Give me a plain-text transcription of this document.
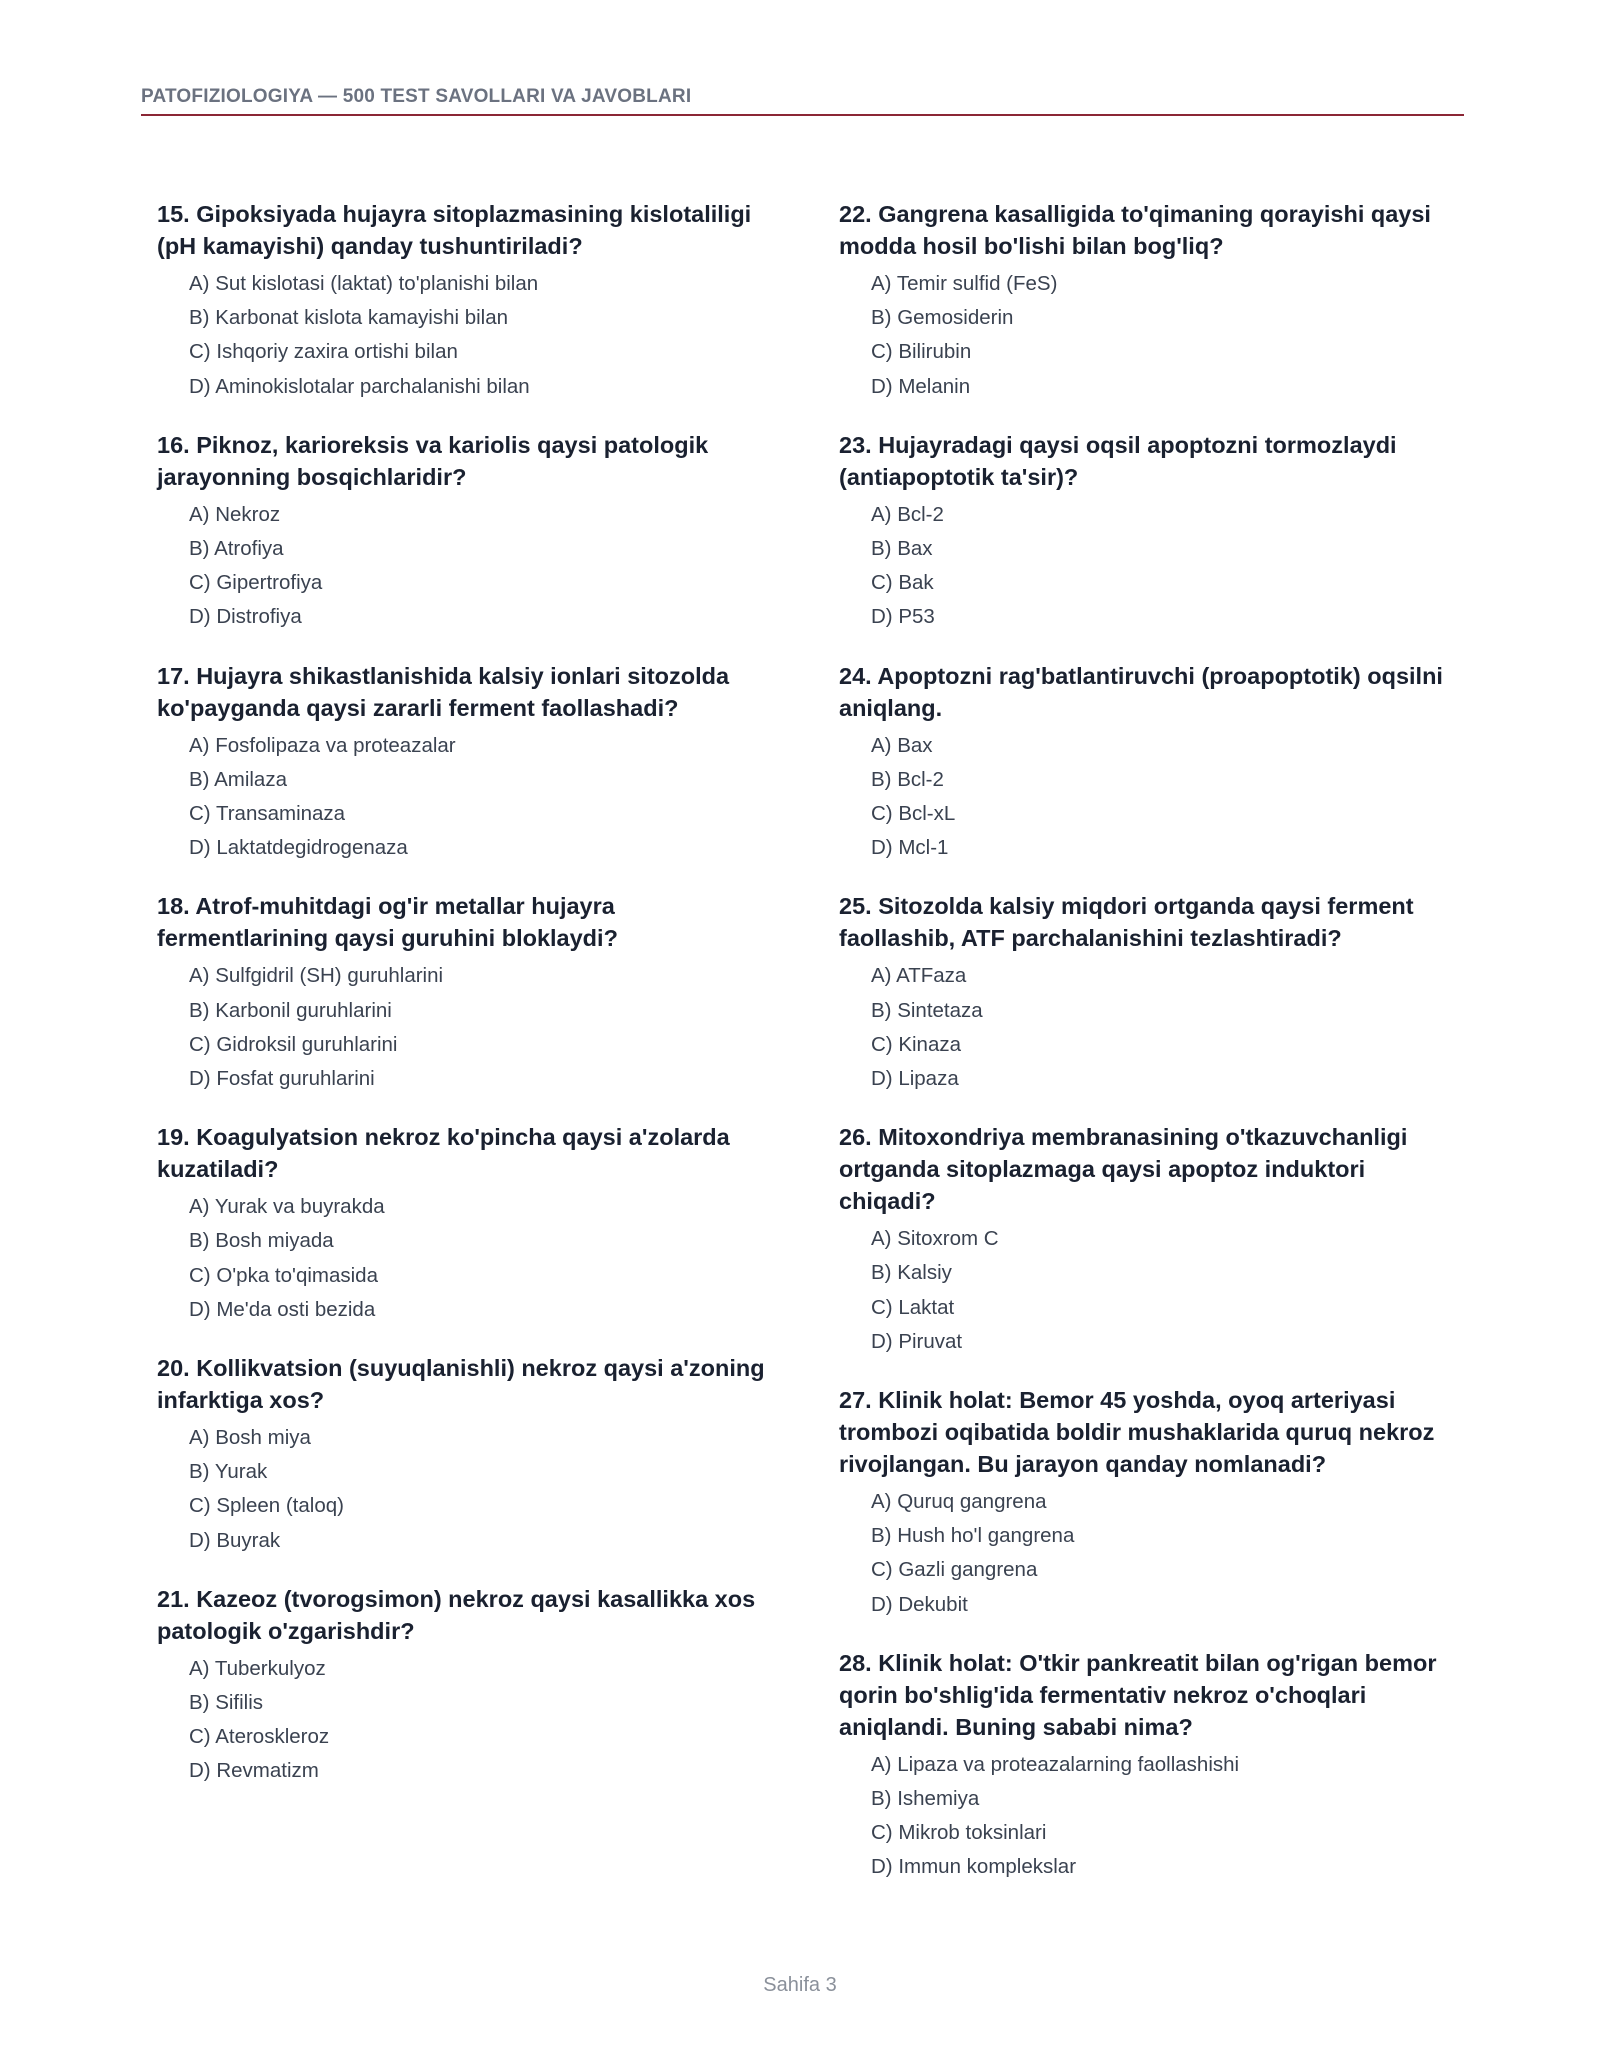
PATOFIZIOLOGIYA — 500 TEST SAVOLLARI VA JAVOBLARI
15. Gipoksiyada hujayra sitoplazmasining kislotaliligi (pH kamayishi) qanday tushuntiriladi?
A) Sut kislotasi (laktat) to'planishi bilan
B) Karbonat kislota kamayishi bilan
C) Ishqoriy zaxira ortishi bilan
D) Aminokislotalar parchalanishi bilan
16. Piknoz, karioreksis va kariolis qaysi patologik jarayonning bosqichlaridir?
A) Nekroz
B) Atrofiya
C) Gipertrofiya
D) Distrofiya
17. Hujayra shikastlanishida kalsiy ionlari sitozolda ko'payganda qaysi zararli ferment faollashadi?
A) Fosfolipaza va proteazalar
B) Amilaza
C) Transaminaza
D) Laktatdegidrogenaza
18. Atrof-muhitdagi og'ir metallar hujayra fermentlarining qaysi guruhini bloklaydi?
A) Sulfgidril (SH) guruhlarini
B) Karbonil guruhlarini
C) Gidroksil guruhlarini
D) Fosfat guruhlarini
19. Koagulyatsion nekroz ko'pincha qaysi a'zolarda kuzatiladi?
A) Yurak va buyrakda
B) Bosh miyada
C) O'pka to'qimasida
D) Me'da osti bezida
20. Kollikvatsion (suyuqlanishli) nekroz qaysi a'zoning infarktiga xos?
A) Bosh miya
B) Yurak
C) Spleen (taloq)
D) Buyrak
21. Kazeoz (tvorogsimon) nekroz qaysi kasallikka xos patologik o'zgarishdir?
A) Tuberkulyoz
B) Sifilis
C) Ateroskleroz
D) Revmatizm
22. Gangrena kasalligida to'qimaning qorayishi qaysi modda hosil bo'lishi bilan bog'liq?
A) Temir sulfid (FeS)
B) Gemosiderin
C) Bilirubin
D) Melanin
23. Hujayradagi qaysi oqsil apoptozni tormozlaydi (antiapoptotik ta'sir)?
A) Bcl-2
B) Bax
C) Bak
D) P53
24. Apoptozni rag'batlantiruvchi (proapoptotik) oqsilni aniqlang.
A) Bax
B) Bcl-2
C) Bcl-xL
D) Mcl-1
25. Sitozolda kalsiy miqdori ortganda qaysi ferment faollashib, ATF parchalanishini tezlashtiradi?
A) ATFaza
B) Sintetaza
C) Kinaza
D) Lipaza
26. Mitoxondriya membranasining o'tkazuvchanligi ortganda sitoplazmaga qaysi apoptoz induktori chiqadi?
A) Sitoxrom C
B) Kalsiy
C) Laktat
D) Piruvat
27. Klinik holat: Bemor 45 yoshda, oyoq arteriyasi trombozi oqibatida boldir mushaklarida quruq nekroz rivojlangan. Bu jarayon qanday nomlanadi?
A) Quruq gangrena
B) Hush ho'l gangrena
C) Gazli gangrena
D) Dekubit
28. Klinik holat: O'tkir pankreatit bilan og'rigan bemor qorin bo'shlig'ida fermentativ nekroz o'choqlari aniqlandi. Buning sababi nima?
A) Lipaza va proteazalarning faollashishi
B) Ishemiya
C) Mikrob toksinlari
D) Immun komplekslar
Sahifa 3
